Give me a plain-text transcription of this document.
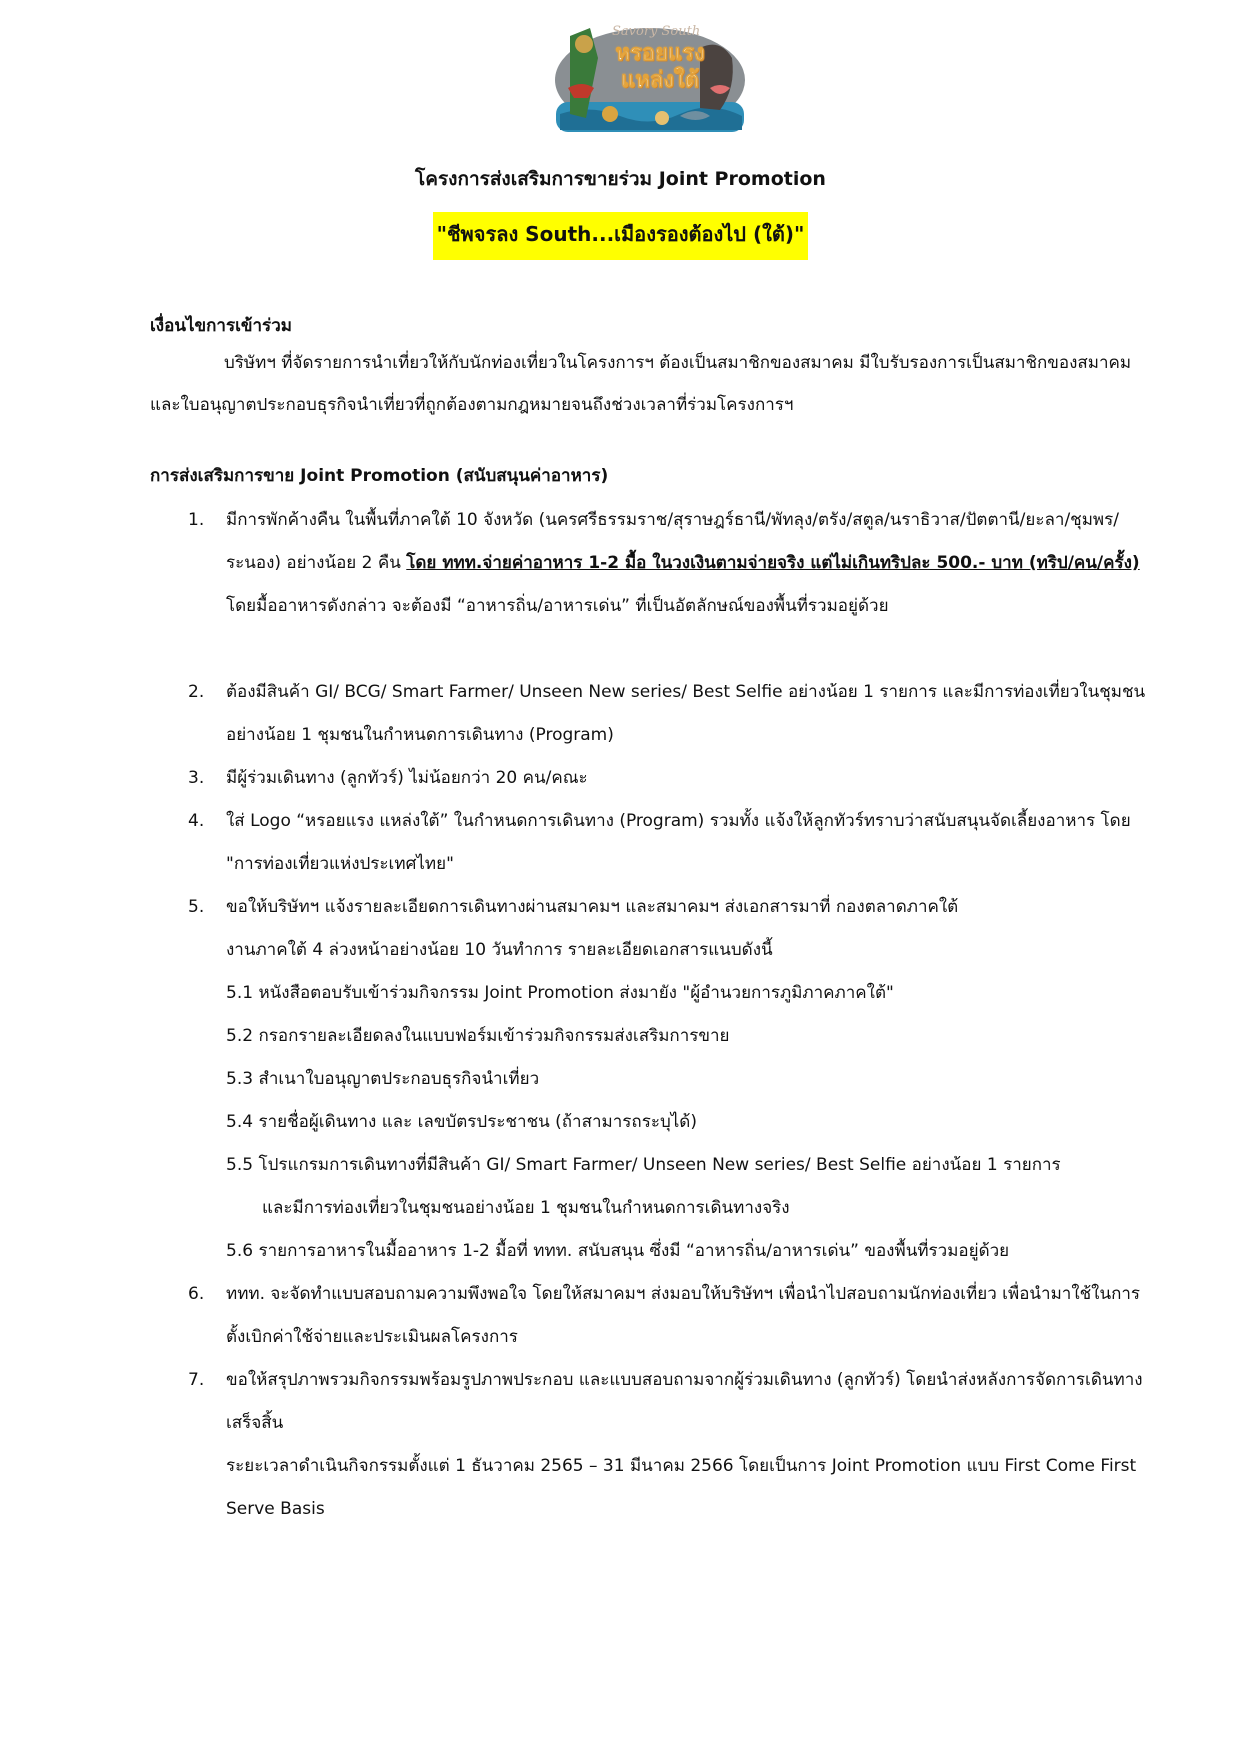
Savory South
หรอยแรง
แหล่งใต้
โครงการส่งเสริมการขายร่วม Joint Promotion
"ชีพจรลง South...เมืองรองต้องไป (ใต้)"
เงื่อนไขการเข้าร่วม
บริษัทฯ ที่จัดรายการนำเที่ยวให้กับนักท่องเที่ยวในโครงการฯ ต้องเป็นสมาชิกของสมาคม มีใบรับรองการเป็นสมาชิกของสมาคม และใบอนุญาตประกอบธุรกิจนำเที่ยวที่ถูกต้องตามกฎหมายจนถึงช่วงเวลาที่ร่วมโครงการฯ
การส่งเสริมการขาย Joint Promotion (สนับสนุนค่าอาหาร)
1. มีการพักค้างคืน ในพื้นที่ภาคใต้ 10 จังหวัด (นครศรีธรรมราช/สุราษฎร์ธานี/พัทลุง/ตรัง/สตูล/นราธิวาส/ปัตตานี/ยะลา/ชุมพร/ระนอง) อย่างน้อย 2 คืน โดย ททท.จ่ายค่าอาหาร 1-2 มื้อ ในวงเงินตามจ่ายจริง แต่ไม่เกินทริปละ 500.- บาท (ทริป/คน/ครั้ง) โดยมื้ออาหารดังกล่าว จะต้องมี “อาหารถิ่น/อาหารเด่น” ที่เป็นอัตลักษณ์ของพื้นที่รวมอยู่ด้วย
2. ต้องมีสินค้า GI/ BCG/ Smart Farmer/ Unseen New series/ Best Selfie อย่างน้อย 1 รายการ และมีการท่องเที่ยวในชุมชนอย่างน้อย 1 ชุมชนในกำหนดการเดินทาง (Program)
3. มีผู้ร่วมเดินทาง (ลูกทัวร์) ไม่น้อยกว่า 20 คน/คณะ
4. ใส่ Logo “หรอยแรง แหล่งใต้” ในกำหนดการเดินทาง (Program) รวมทั้ง แจ้งให้ลูกทัวร์ทราบว่าสนับสนุนจัดเลี้ยงอาหาร โดย "การท่องเที่ยวแห่งประเทศไทย"
5. ขอให้บริษัทฯ แจ้งรายละเอียดการเดินทางผ่านสมาคมฯ และสมาคมฯ ส่งเอกสารมาที่ กองตลาดภาคใต้
งานภาคใต้ 4 ล่วงหน้าอย่างน้อย 10 วันทำการ รายละเอียดเอกสารแนบดังนี้
5.1 หนังสือตอบรับเข้าร่วมกิจกรรม Joint Promotion ส่งมายัง "ผู้อำนวยการภูมิภาคภาคใต้"
5.2 กรอกรายละเอียดลงในแบบฟอร์มเข้าร่วมกิจกรรมส่งเสริมการขาย
5.3 สำเนาใบอนุญาตประกอบธุรกิจนำเที่ยว
5.4 รายชื่อผู้เดินทาง และ เลขบัตรประชาชน (ถ้าสามารถระบุได้)
5.5 โปรแกรมการเดินทางที่มีสินค้า GI/ Smart Farmer/ Unseen New series/ Best Selfie อย่างน้อย 1 รายการ
และมีการท่องเที่ยวในชุมชนอย่างน้อย 1 ชุมชนในกำหนดการเดินทางจริง
5.6 รายการอาหารในมื้ออาหาร 1-2 มื้อที่ ททท. สนับสนุน ซึ่งมี “อาหารถิ่น/อาหารเด่น” ของพื้นที่รวมอยู่ด้วย
6. ททท. จะจัดทำแบบสอบถามความพึงพอใจ โดยให้สมาคมฯ ส่งมอบให้บริษัทฯ เพื่อนำไปสอบถามนักท่องเที่ยว เพื่อนำมาใช้ในการตั้งเบิกค่าใช้จ่ายและประเมินผลโครงการ
7. ขอให้สรุปภาพรวมกิจกรรมพร้อมรูปภาพประกอบ และแบบสอบถามจากผู้ร่วมเดินทาง (ลูกทัวร์) โดยนำส่งหลังการจัดการเดินทางเสร็จสิ้น
ระยะเวลาดำเนินกิจกรรมตั้งแต่ 1 ธันวาคม 2565 – 31 มีนาคม 2566 โดยเป็นการ Joint Promotion แบบ First Come First Serve Basis
